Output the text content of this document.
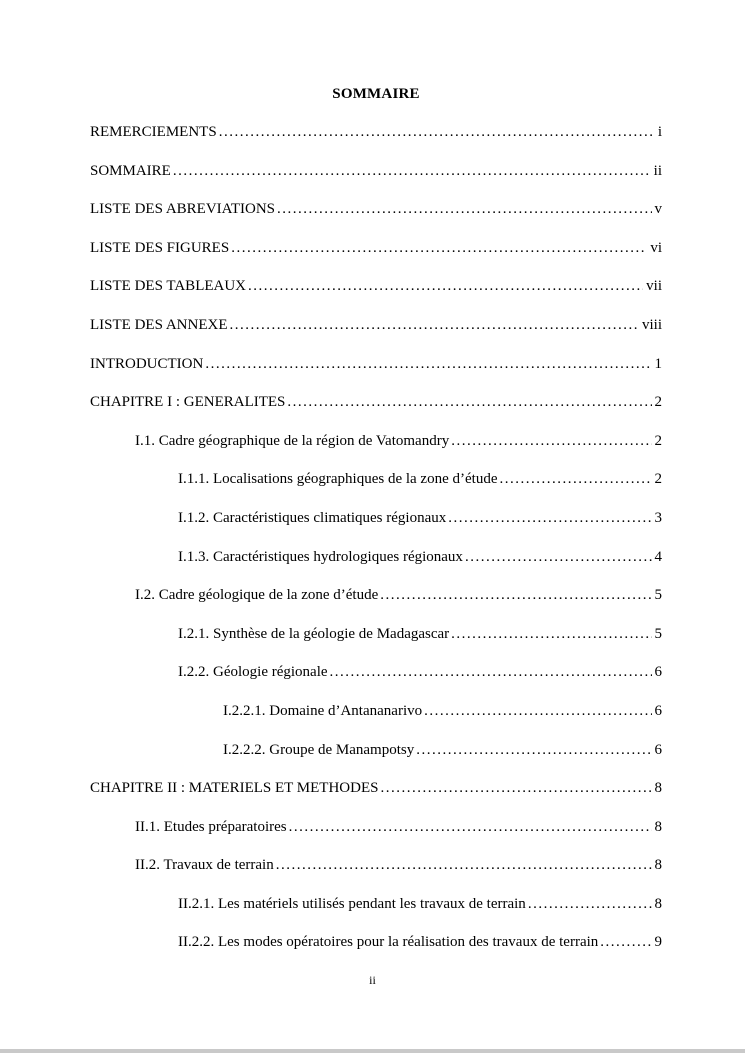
SOMMAIRE
REMERCIEMENTS .....	i
SOMMAIRE .....	ii
LISTE DES ABREVIATIONS .....	v
LISTE DES FIGURES .....	vi
LISTE DES TABLEAUX .....	vii
LISTE DES ANNEXE .....	viii
INTRODUCTION .....	1
CHAPITRE I : GENERALITES .....	2
I.1. Cadre géographique de la région de Vatomandry .....	2
I.1.1. Localisations géographiques de la zone d’étude .....	2
I.1.2. Caractéristiques climatiques régionaux .....	3
I.1.3. Caractéristiques hydrologiques régionaux .....	4
I.2. Cadre géologique de la zone d’étude .....	5
I.2.1. Synthèse de la géologie de Madagascar .....	5
I.2.2. Géologie régionale .....	6
I.2.2.1. Domaine d’Antananarivo .....	6
I.2.2.2. Groupe de Manampotsy .....	6
CHAPITRE II : MATERIELS ET METHODES .....	8
II.1. Etudes préparatoires .....	8
II.2. Travaux de terrain .....	8
II.2.1. Les matériels utilisés pendant les travaux de terrain .....	8
II.2.2. Les modes opératoires pour la réalisation des travaux de terrain .....	9
ii
